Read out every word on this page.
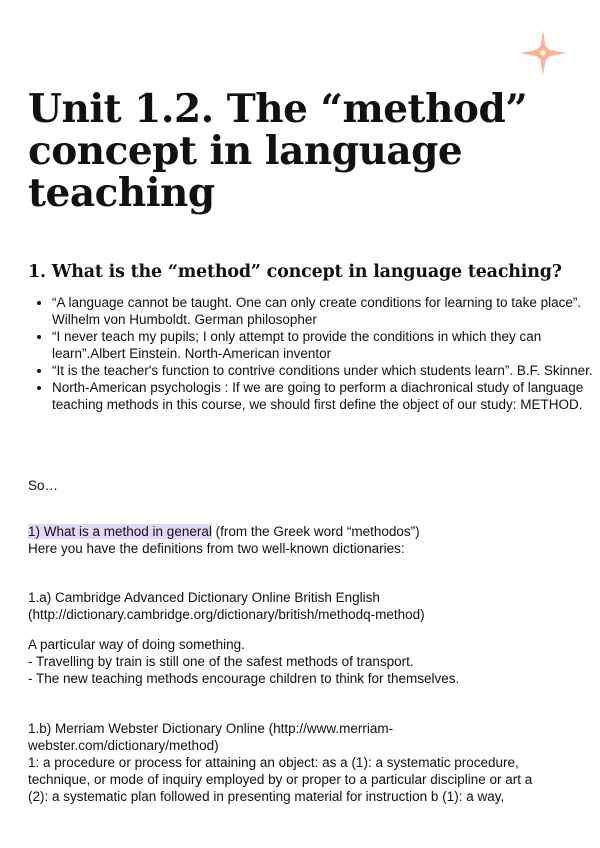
Unit 1.2. The “method” concept in language teaching
1. What is the “method” concept in language teaching?
“A language cannot be taught. One can only create conditions for learning to take place”. Wilhelm von Humboldt. German philosopher
“I never teach my pupils; I only attempt to provide the conditions in which they can learn”.Albert Einstein. North-American inventor
“It is the teacher's function to contrive conditions under which students learn”. B.F. Skinner.
North-American psychologis : If we are going to perform a diachronical study of language teaching methods in this course, we should first define the object of our study: METHOD.

So…

1) What is a method in general (from the Greek word “methodos”)
Here you have the definitions from two well-known dictionaries:

1.a) Cambridge Advanced Dictionary Online British English
(http://dictionary.cambridge.org/dictionary/british/methodq-method)

A particular way of doing something.
- Travelling by train is still one of the safest methods of transport.
- The new teaching methods encourage children to think for themselves.

1.b) Merriam Webster Dictionary Online (http://www.merriam-
webster.com/dictionary/method)
1: a procedure or process for attaining an object: as a (1): a systematic procedure,
technique, or mode of inquiry employed by or proper to a particular discipline or art a
(2): a systematic plan followed in presenting material for instruction b (1): a way,
